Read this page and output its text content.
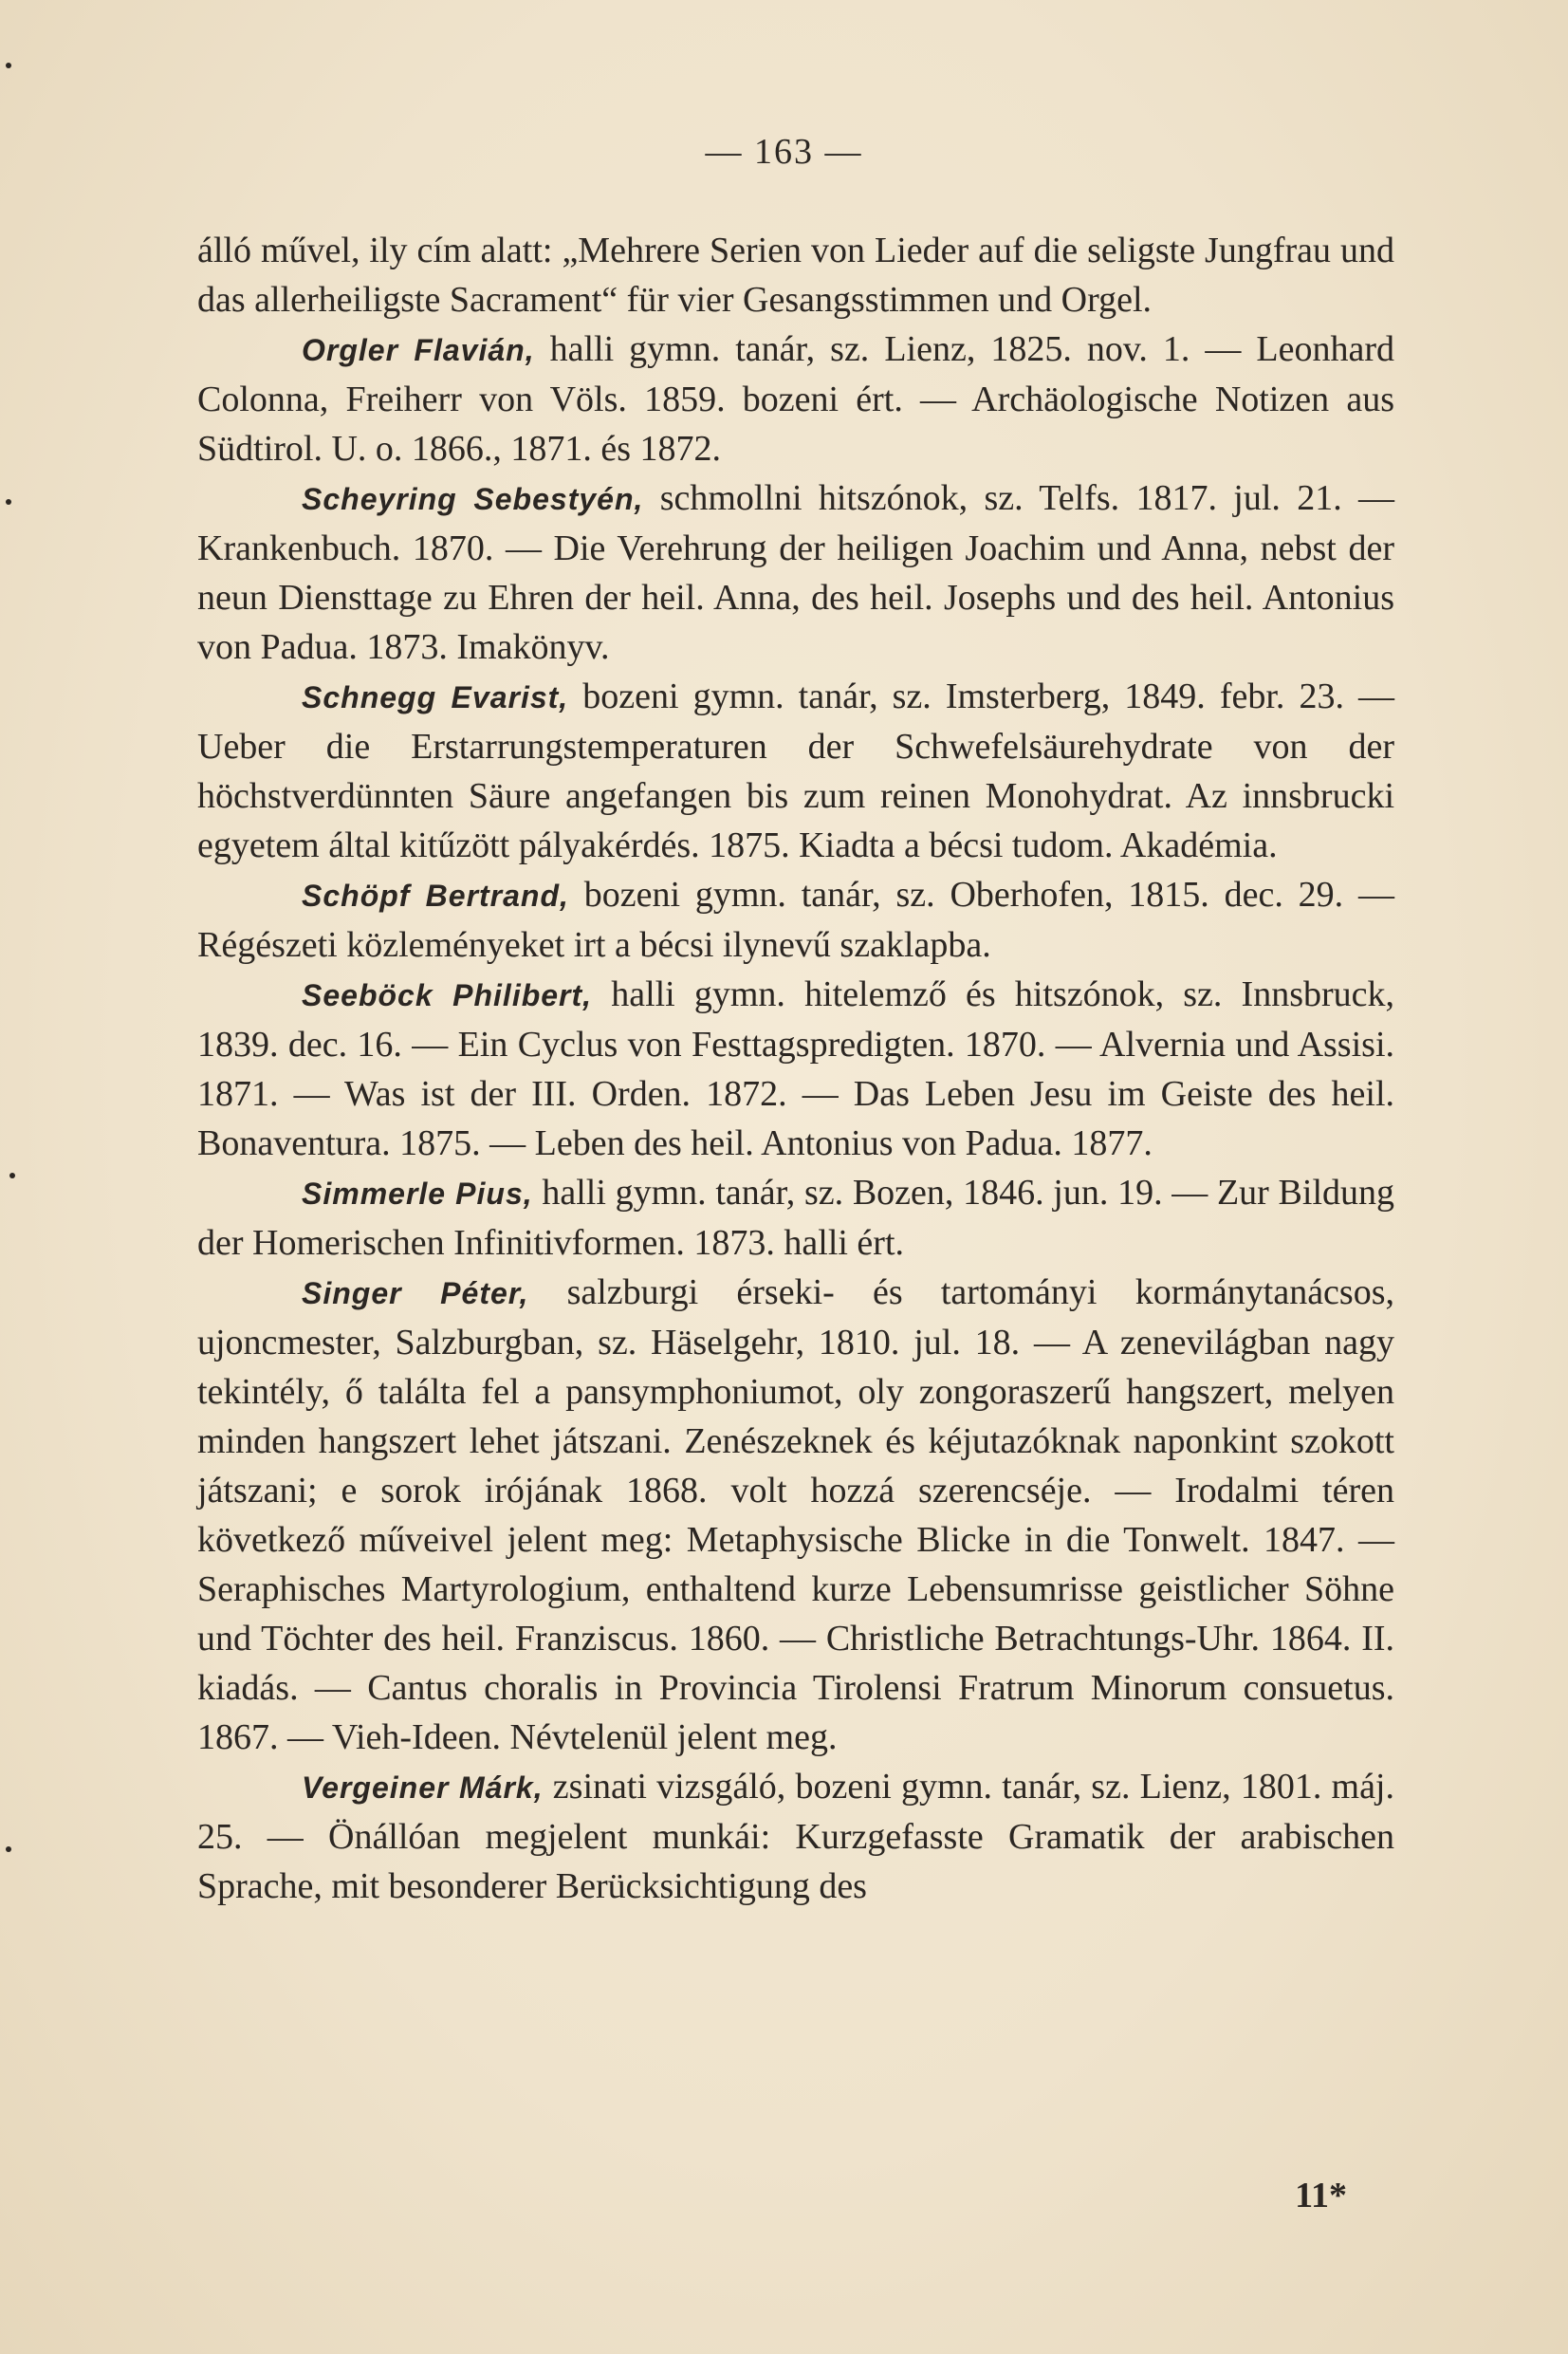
— 163 —

álló művel, ily cím alatt: „Mehrere Serien von Lieder auf die seligste Jungfrau und das allerheiligste Sacrament“ für vier Gesangsstimmen und Orgel.

Orgler Flavián, halli gymn. tanár, sz. Lienz, 1825. nov. 1. — Leonhard Colonna, Freiherr von Völs. 1859. bozeni ért. — Archäologische Notizen aus Südtirol. U. o. 1866., 1871. és 1872.

Scheyring Sebestyén, schmollni hitszónok, sz. Telfs. 1817. jul. 21. — Krankenbuch. 1870. — Die Verehrung der heiligen Joachim und Anna, nebst der neun Diensttage zu Ehren der heil. Anna, des heil. Josephs und des heil. Antonius von Padua. 1873. Imakönyv.

Schnegg Evarist, bozeni gymn. tanár, sz. Imsterberg, 1849. febr. 23. — Ueber die Erstarrungstemperaturen der Schwefelsäurehydrate von der höchstverdünnten Säure angefangen bis zum reinen Monohydrat. Az innsbrucki egyetem által kitűzött pályakérdés. 1875. Kiadta a bécsi tudom. Akadémia.

Schöpf Bertrand, bozeni gymn. tanár, sz. Oberhofen, 1815. dec. 29. — Régészeti közleményeket irt a bécsi ilynevű szaklapba.

Seeböck Philibert, halli gymn. hitelemző és hitszónok, sz. Innsbruck, 1839. dec. 16. — Ein Cyclus von Festtagspredigten. 1870. — Alvernia und Assisi. 1871. — Was ist der III. Orden. 1872. — Das Leben Jesu im Geiste des heil. Bonaventura. 1875. — Leben des heil. Antonius von Padua. 1877.

Simmerle Pius, halli gymn. tanár, sz. Bozen, 1846. jun. 19. — Zur Bildung der Homerischen Infinitivformen. 1873. halli ért.

Singer Péter, salzburgi érseki- és tartományi kormánytanácsos, ujoncmester, Salzburgban, sz. Häselgehr, 1810. jul. 18. — A zenevilágban nagy tekintély, ő találta fel a pansymphoniumot, oly zongoraszerű hangszert, melyen minden hangszert lehet játszani. Zenészeknek és kéjutazóknak naponkint szokott játszani; e sorok irójának 1868. volt hozzá szerencséje. — Irodalmi téren következő műveivel jelent meg: Metaphysische Blicke in die Tonwelt. 1847. — Seraphisches Martyrologium, enthaltend kurze Lebensumrisse geistlicher Söhne und Töchter des heil. Franziscus. 1860. — Christliche Betrachtungs-Uhr. 1864. II. kiadás. — Cantus choralis in Provincia Tirolensi Fratrum Minorum consuetus. 1867. — Vieh-Ideen. Névtelenül jelent meg.

Vergeiner Márk, zsinati vizsgáló, bozeni gymn. tanár, sz. Lienz, 1801. máj. 25. — Önállóan megjelent munkái: Kurzgefasste Gramatik der arabischen Sprache, mit besonderer Berücksichtigung des

11*
